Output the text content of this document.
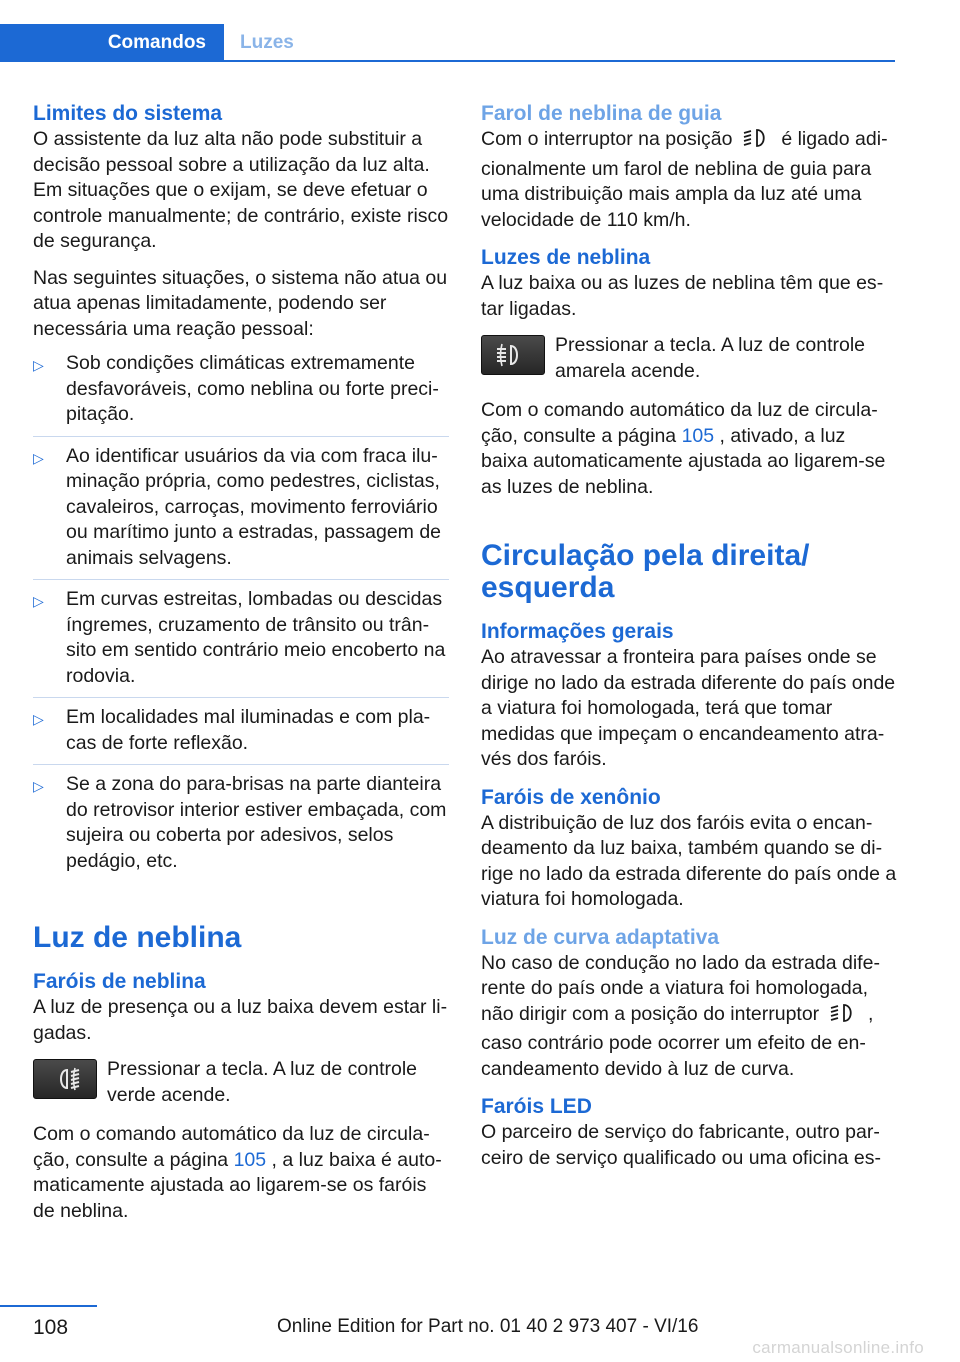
Comandos Luzes
Limites do sistema

O assistente da luz alta não pode substituir a decisão pessoal sobre a utilização da luz alta. Em situações que o exijam, se deve efetuar o controle manualmente; de contrário, existe risco de segurança.

Nas seguintes situações, o sistema não atua ou atua apenas limitadamente, podendo ser necessária uma reação pessoal:

▷ Sob condições climáticas extremamente desfavoráveis, como neblina ou forte precipitação.
▷ Ao identificar usuários da via com fraca iluminação própria, como pedestres, ciclistas, cavaleiros, carroças, movimento ferroviário ou marítimo junto a estradas, passagem de animais selvagens.
▷ Em curvas estreitas, lombadas ou descidas íngremes, cruzamento de trânsito ou trânsito em sentido contrário meio encoberto na rodovia.
▷ Em localidades mal iluminadas e com placas de forte reflexão.
▷ Se a zona do para-brisas na parte dianteira do retrovisor interior estiver embaçada, com sujeira ou coberta por adesivos, selos pedágio, etc.
Luz de neblina
Faróis de neblina

A luz de presença ou a luz baixa devem estar ligadas.

Pressionar a tecla. A luz de controle verde acende.

Com o comando automático da luz de circulação, consulte a página 105 , a luz baixa é automaticamente ajustada ao ligarem-se os faróis de neblina.

Farol de neblina de guia

Com o interruptor na posição	é ligado adicionalmente um farol de neblina de guia para uma distribuição mais ampla da luz até uma velocidade de 110 km/h.

Luzes de neblina

A luz baixa ou as luzes de neblina têm que estar ligadas.

Pressionar a tecla. A luz de controle amarela acende.

Com o comando automático da luz de circulação, consulte a página 105 , ativado, a luz baixa automaticamente ajustada ao ligarem-se as luzes de neblina.

Circulação pela direita/ esquerda
Informações gerais

Ao atravessar a fronteira para países onde se dirige no lado da estrada diferente do país onde a viatura foi homologada, terá que tomar medidas que impeçam o encandeamento através dos faróis.

Faróis de xenônio

A distribuição de luz dos faróis evita o encandeamento da luz baixa, também quando se dirige no lado da estrada diferente do país onde a viatura foi homologada.

Luz de curva adaptativa

No caso de condução no lado da estrada diferente do país onde a viatura foi homologada, não dirigir com a posição do interruptor	, caso contrário pode ocorrer um efeito de encandeamento devido à luz de curva.

Faróis LED

O parceiro de serviço do fabricante, outro parceiro de serviço qualificado ou uma oficina es-

108	Online Edition for Part no. 01 40 2 973 407 - VI/16
carmanualsonline.info
